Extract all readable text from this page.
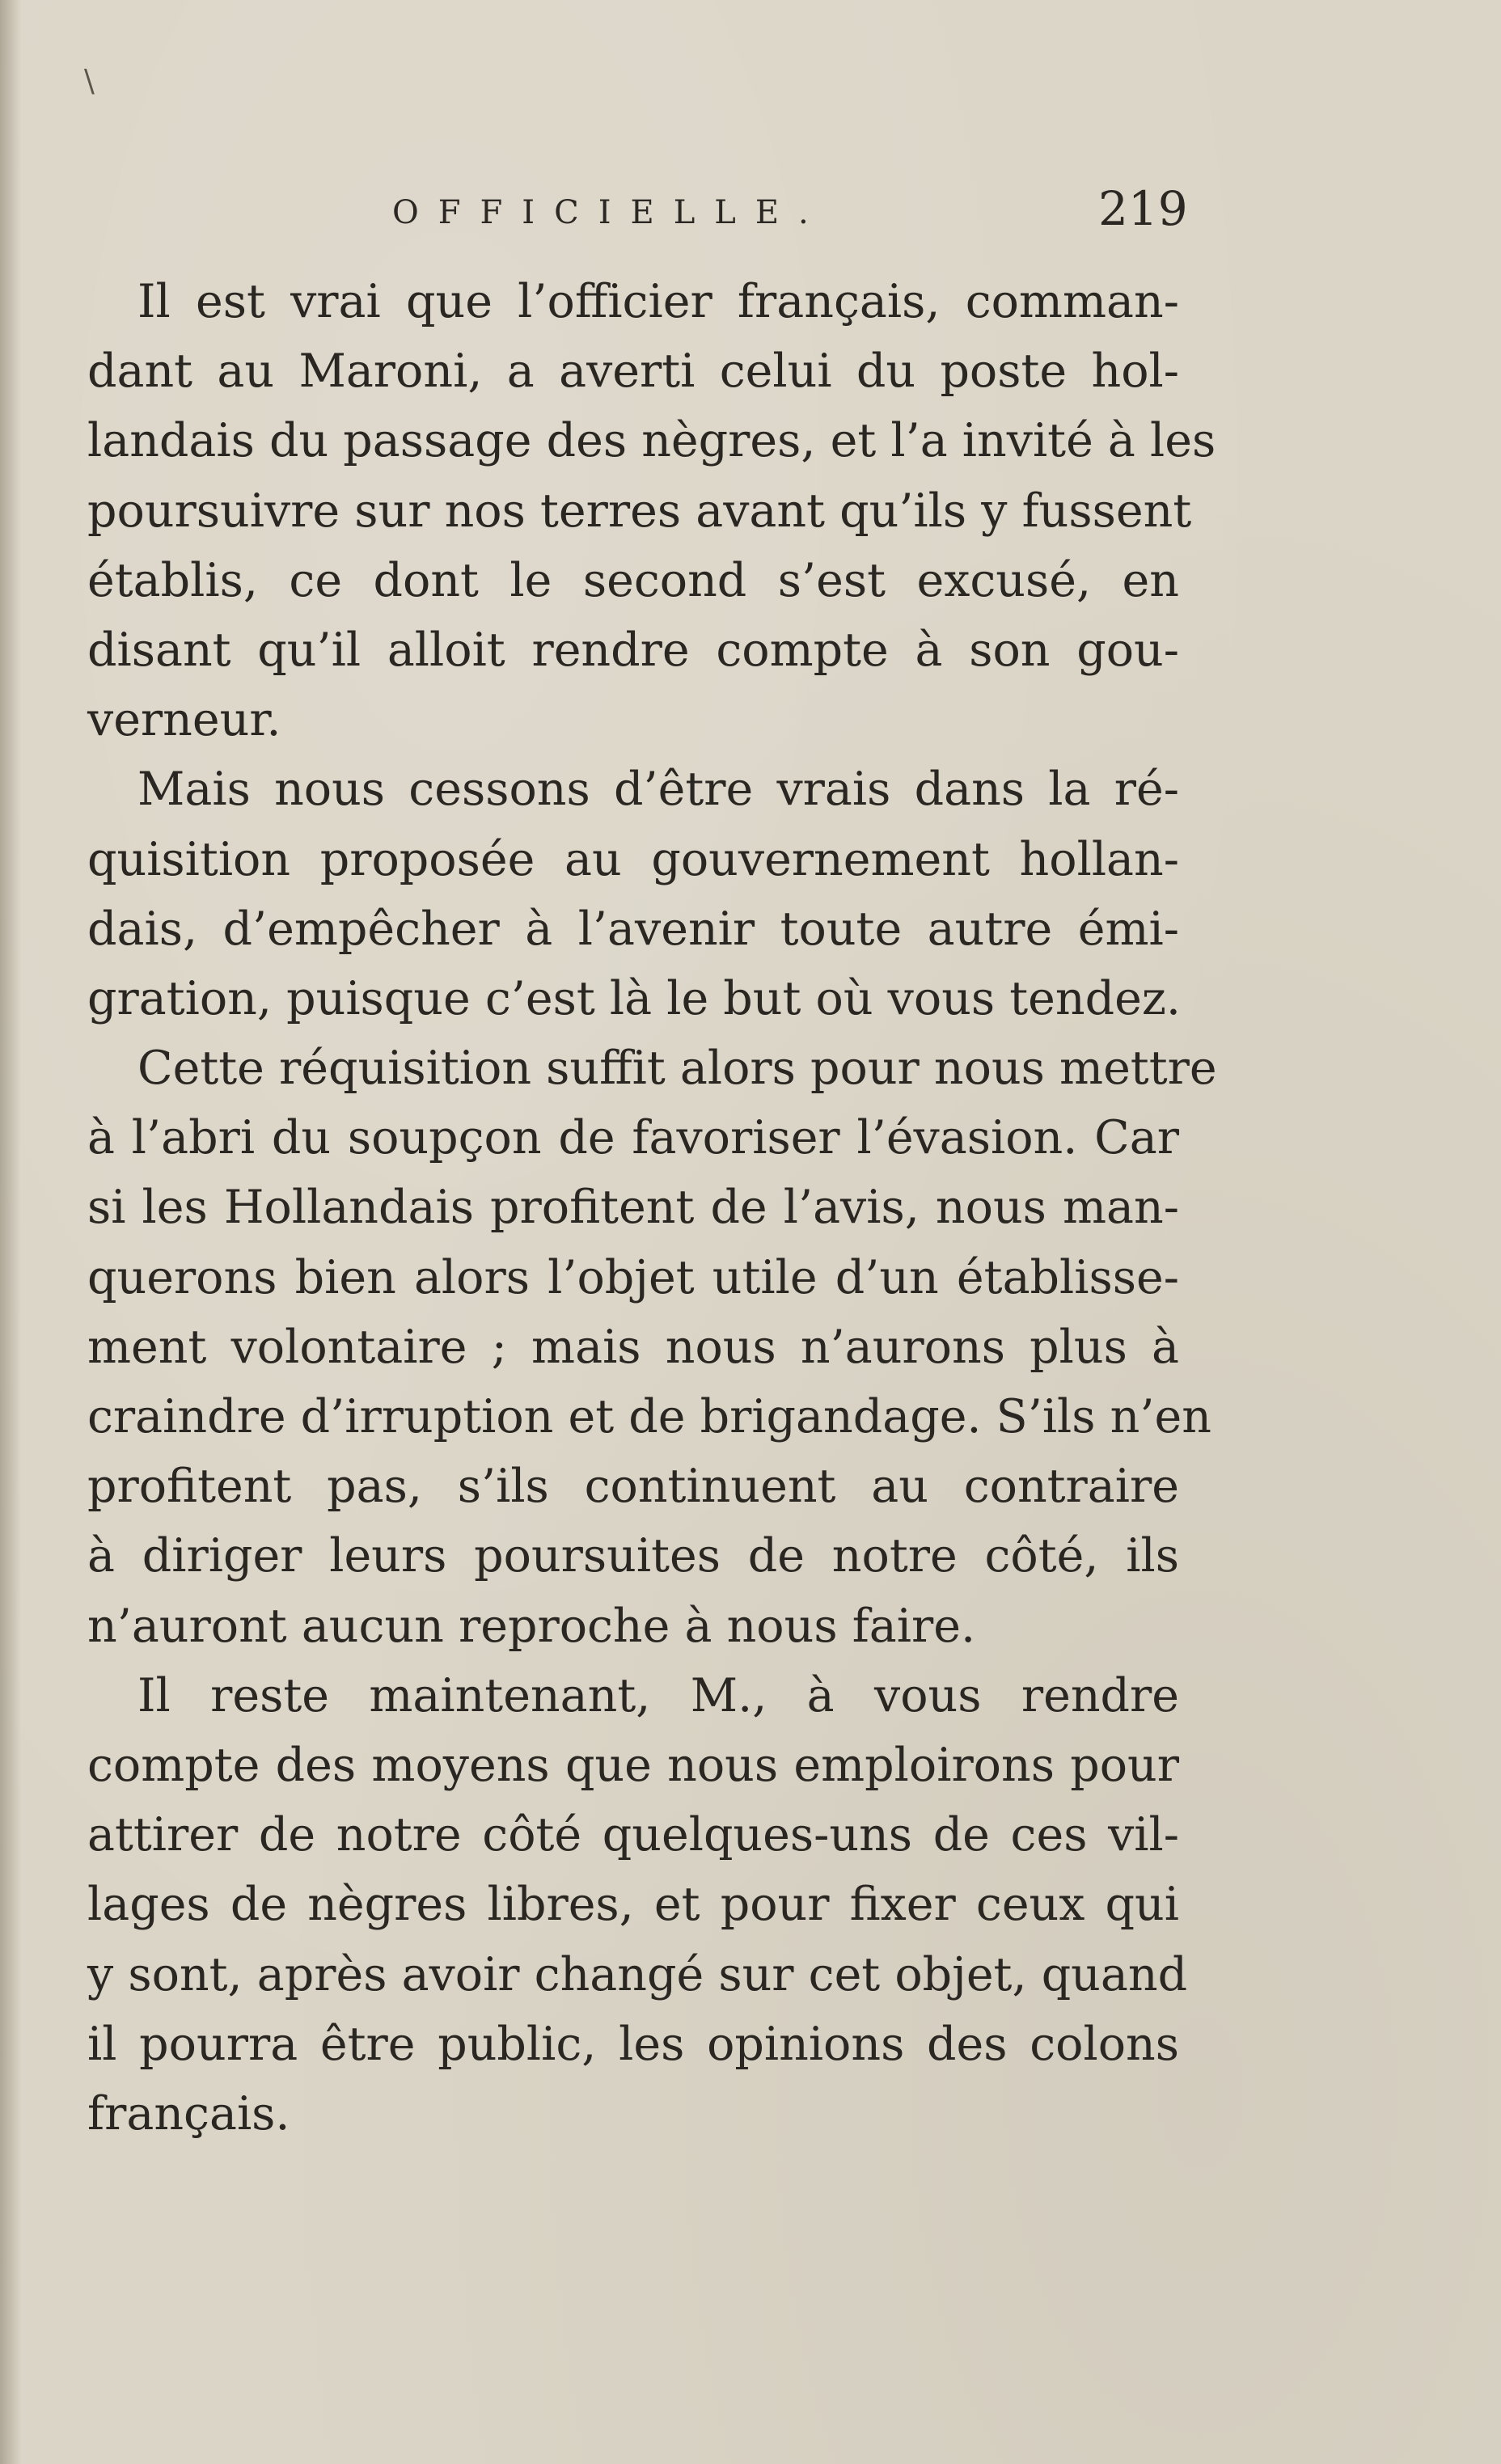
\
OFFICIELLE.	219
Il est vrai que l’officier français, comman-
dant au Maroni, a averti celui du poste hol-
landais du passage des nègres, et l’a invité à les
poursuivre sur nos terres avant qu’ils y fussent
établis, ce dont le second s’est excusé, en
disant qu’il alloit rendre compte à son gou-
verneur.
Mais nous cessons d’être vrais dans la ré-
quisition proposée au gouvernement hollan-
dais, d’empêcher à l’avenir toute autre émi-
gration, puisque c’est là le but où vous tendez.
Cette réquisition suffit alors pour nous mettre
à l’abri du soupçon de favoriser l’évasion. Car
si les Hollandais profitent de l’avis, nous man-
querons bien alors l’objet utile d’un établisse-
ment volontaire ; mais nous n’aurons plus à
craindre d’irruption et de brigandage. S’ils n’en
profitent pas, s’ils continuent au contraire
à diriger leurs poursuites de notre côté, ils
n’auront aucun reproche à nous faire.
Il reste maintenant, M., à vous rendre
compte des moyens que nous emploirons pour
attirer de notre côté quelques-uns de ces vil-
lages de nègres libres, et pour fixer ceux qui
y sont, après avoir changé sur cet objet, quand
il pourra être public, les opinions des colons
français.
